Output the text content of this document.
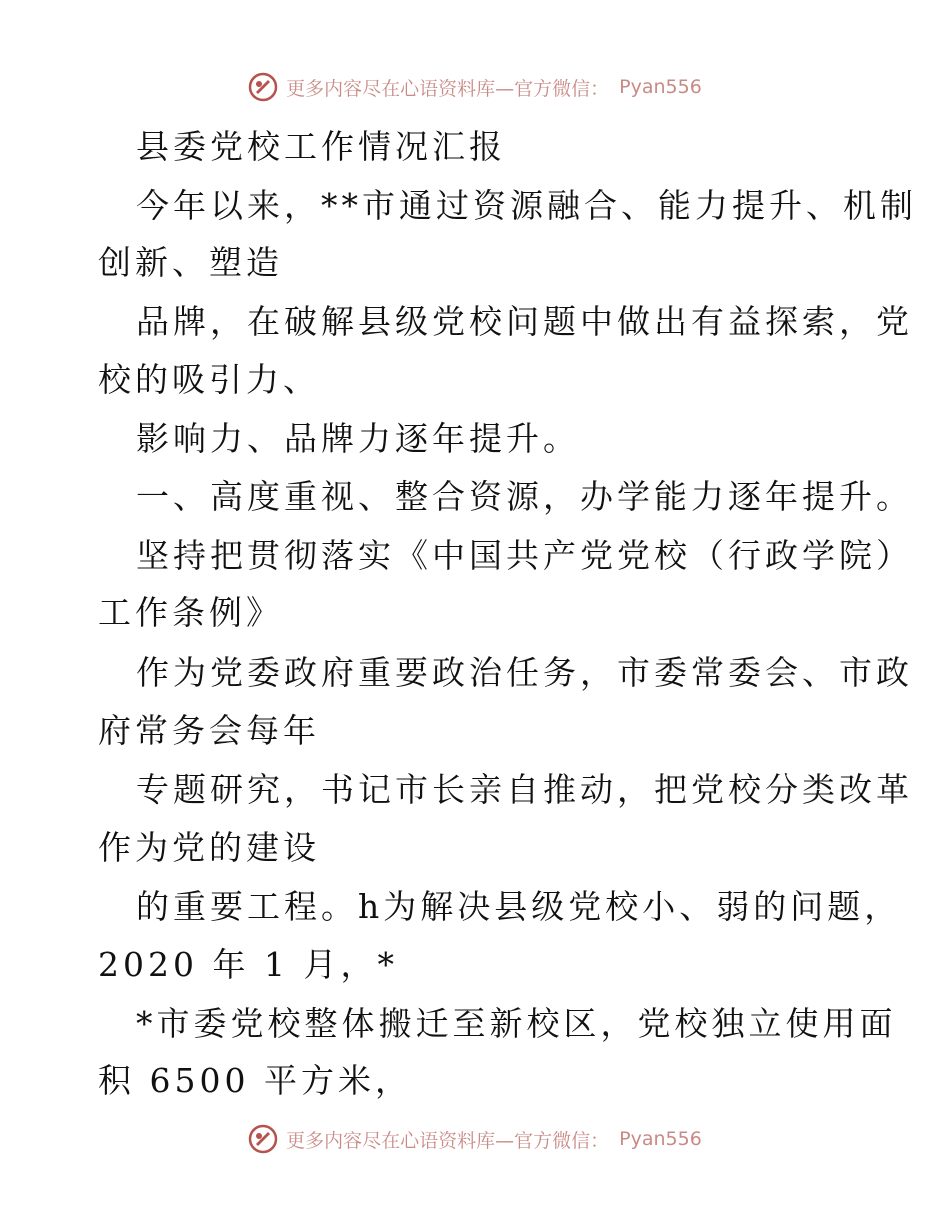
更多内容尽在心语资料库—官方微信： Pyan556
县委党校工作情况汇报
今年以来，**市通过资源融合、能力提升、机制
创新、塑造
品牌，在破解县级党校问题中做出有益探索，党
校的吸引力、
影响力、品牌力逐年提升。
一、高度重视、整合资源，办学能力逐年提升。
坚持把贯彻落实《中国共产党党校（行政学院）
工作条例》
作为党委政府重要政治任务，市委常委会、市政
府常务会每年
专题研究，书记市长亲自推动，把党校分类改革
作为党的建设
的重要工程。h为解决县级党校小、弱的问题，
2020 年 1 月，*
*市委党校整体搬迁至新校区，党校独立使用面
积 6500 平方米，
更多内容尽在心语资料库—官方微信： Pyan556
